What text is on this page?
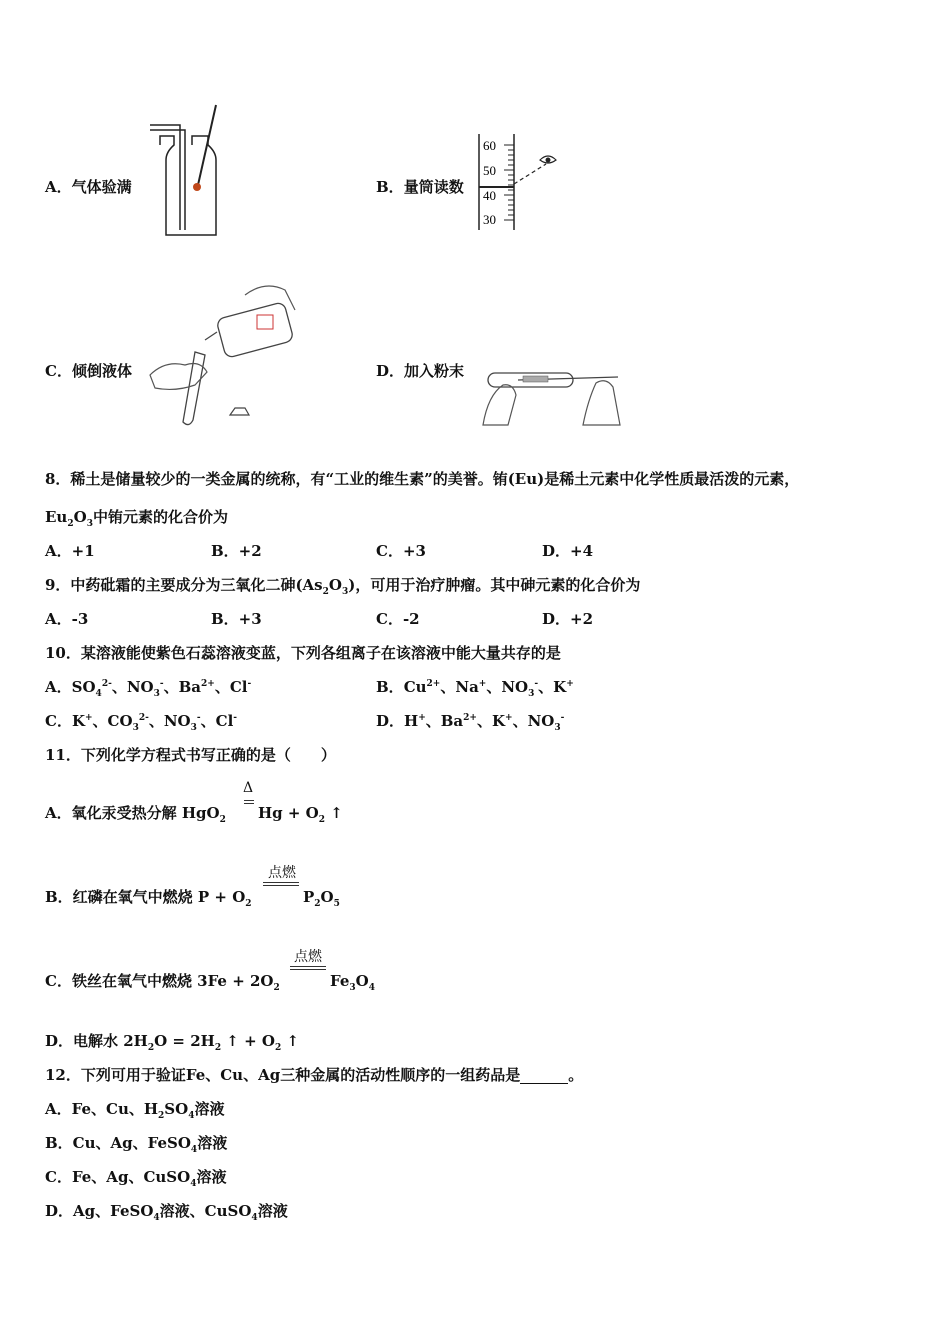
A．气体验满	B．量筒读数
60
50
40
30
C．倾倒液体	D．加入粉末
8．稀土是储量较少的一类金属的统称，有“工业的维生素”的美誉。铕(Eu)是稀土元素中化学性质最活泼的元素，
$Eu_2O_3$中铕元素的化合价为
A．+1	B．+2	C．+3	D．+4
9．中药砒霜的主要成分为三氧化二砷$(As_2O_3)$，可用于治疗肿瘤。其中砷元素的化合价为
A．-3	B．+3	C．-2	D．+2
10．某溶液能使紫色石蕊溶液变蓝，下列各组离子在该溶液中能大量共存的是
A．$SO_4^{2-}$、$NO_3^-$、$Ba^{2+}$、Cl-	B．$Cu^{2+}$、Na+、$NO_3^-$、K+
C．K+、$CO_3^{2-}$、$NO_3^-$、Cl-	D．H+、$Ba^{2+}$、K+、$NO_3^-$
11．下列化学方程式书写正确的是（　　）
A．氧化汞受热分解 HgO$_2$
Δ
$Hg + O_2$ ↑
B．红磷在氧气中燃烧 $P + O_2$
点燃
$P_2O_5$
C．铁丝在氧气中燃烧 $3Fe + 2O_2$
点燃
$Fe_3O_4$
D．电解水 $2H_2O = 2H_2$ ↑ + $O_2$ ↑
12．下列可用于验证Fe、Cu、Ag三种金属的活动性顺序的一组药品是	。
A．Fe、Cu、$H_2SO_4$溶液
B．Cu、Ag、FeSO$_4$溶液
C．Fe、Ag、CuSO$_4$溶液
D．Ag、FeSO$_4$溶液、CuSO$_4$溶液
